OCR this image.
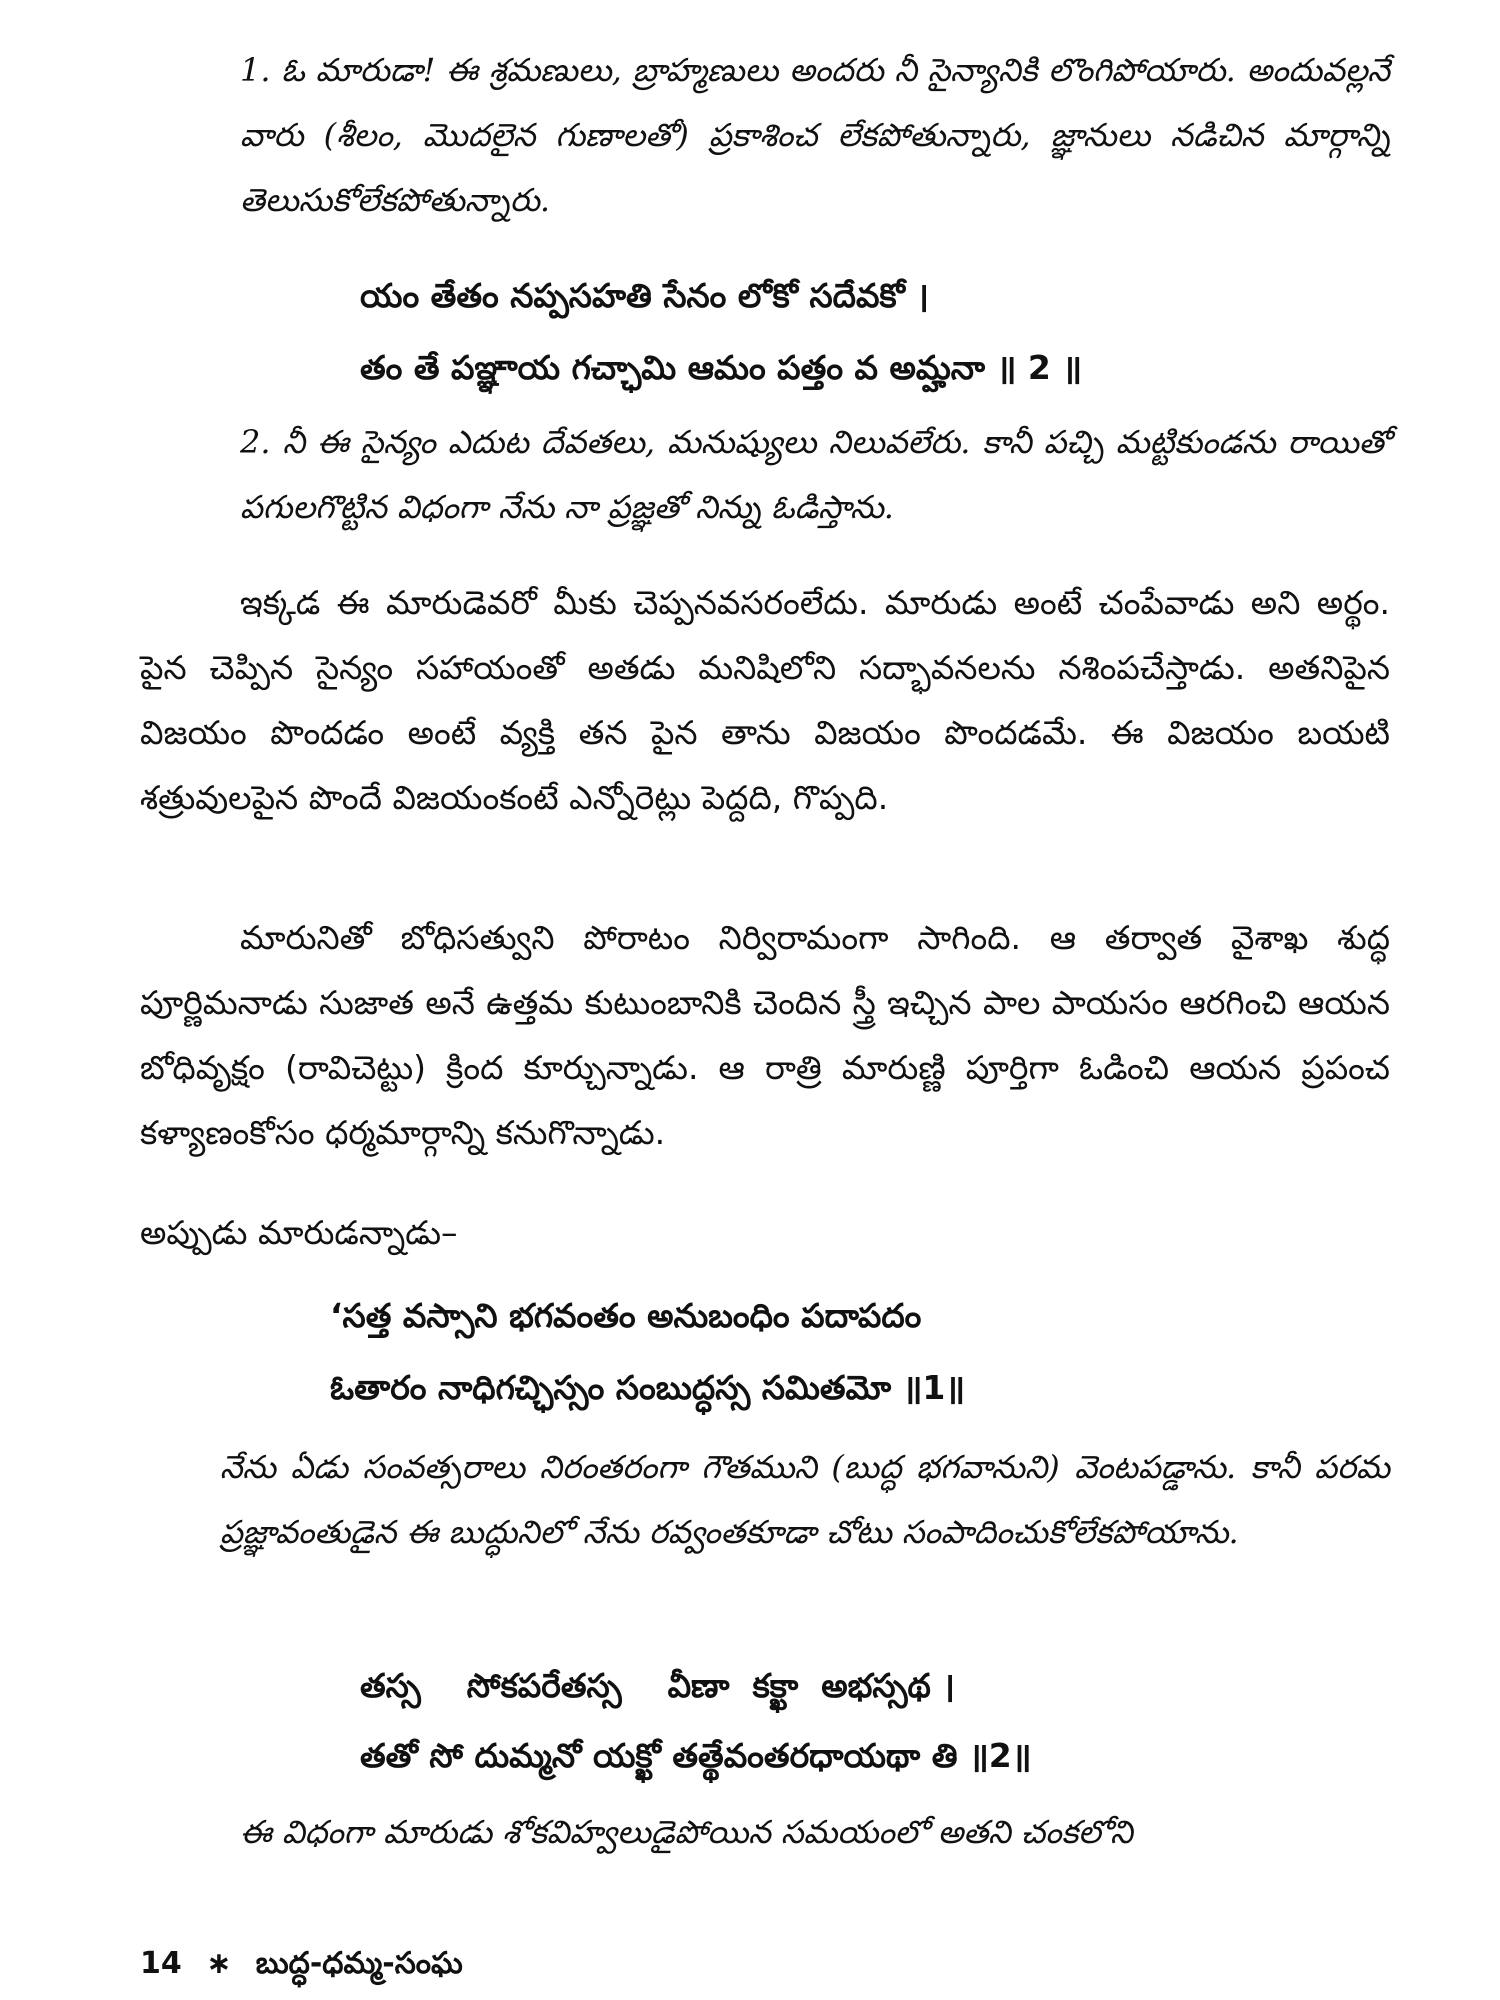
1. ఓ మారుడా! ఈ శ్రమణులు, బ్రాహ్మణులు అందరు నీ సైన్యానికి లొంగిపోయారు. అందువల్లనే వారు (శీలం, మొదలైన గుణాలతో) ప్రకాశించ లేకపోతున్నారు, జ్ఞానులు నడిచిన మార్గాన్ని తెలుసుకోలేకపోతున్నారు.

యం తేతం నప్పసహతి సేనం లోకో సదేవకో ।

తం తే పఞ్ఞాయ గచ్ఛామి ఆమం పత్తం వ అమ్హనా ॥ 2 ॥

2. నీ ఈ సైన్యం ఎదుట దేవతలు, మనుష్యులు నిలువలేరు. కానీ పచ్చి మట్టికుండను రాయితో పగులగొట్టిన విధంగా నేను నా ప్రజ్ఞతో నిన్ను ఓడిస్తాను.

ఇక్కడ ఈ మారుడెవరో మీకు చెప్పనవసరంలేదు. మారుడు అంటే చంపేవాడు అని అర్థం. పైన చెప్పిన సైన్యం సహాయంతో అతడు మనిషిలోని సద్భావనలను నశింపచేస్తాడు. అతనిపైన విజయం పొందడం అంటే వ్యక్తి తన పైన తాను విజయం పొందడమే. ఈ విజయం బయటి శత్రువులపైన పొందే విజయంకంటే ఎన్నోరెట్లు పెద్దది, గొప్పది.

మారునితో బోధిసత్వుని పోరాటం నిర్విరామంగా సాగింది. ఆ తర్వాత వైశాఖ శుద్ధ పూర్ణిమనాడు సుజాత అనే ఉత్తమ కుటుంబానికి చెందిన స్త్రీ ఇచ్చిన పాల పాయసం ఆరగించి ఆయన బోధివృక్షం (రావిచెట్టు) క్రింద కూర్చున్నాడు. ఆ రాత్రి మారుణ్ణి పూర్తిగా ఓడించి ఆయన ప్రపంచ కళ్యాణంకోసం ధర్మమార్గాన్ని కనుగొన్నాడు.

అప్పుడు మారుడన్నాడు–

‘సత్త వస్సాని భగవంతం అనుబంధిం పదాపదం

ఓతారం నాధిగచ్ఛిస్సం సంబుద్ధస్స సమితమో ॥1॥

నేను ఏడు సంవత్సరాలు నిరంతరంగా గౌతముని (బుద్ధ భగవానుని) వెంటపడ్డాను. కానీ పరమ ప్రజ్ఞావంతుడైన ఈ బుద్ధునిలో నేను రవ్వంతకూడా చోటు సంపాదించుకోలేకపోయాను.

తస్స    సోకపరేతస్స    వీణా  కక్ఖా  అభస్సథ ।

తతో సో దుమ్మనో యక్ఖో తత్థేవంతరధాయథా తి ॥2॥

ఈ విధంగా మారుడు శోకవిహ్వలుడైపోయిన సమయంలో అతని చంకలోని

14 ∗ బుద్ధ-ధమ్మ-సంఘ
